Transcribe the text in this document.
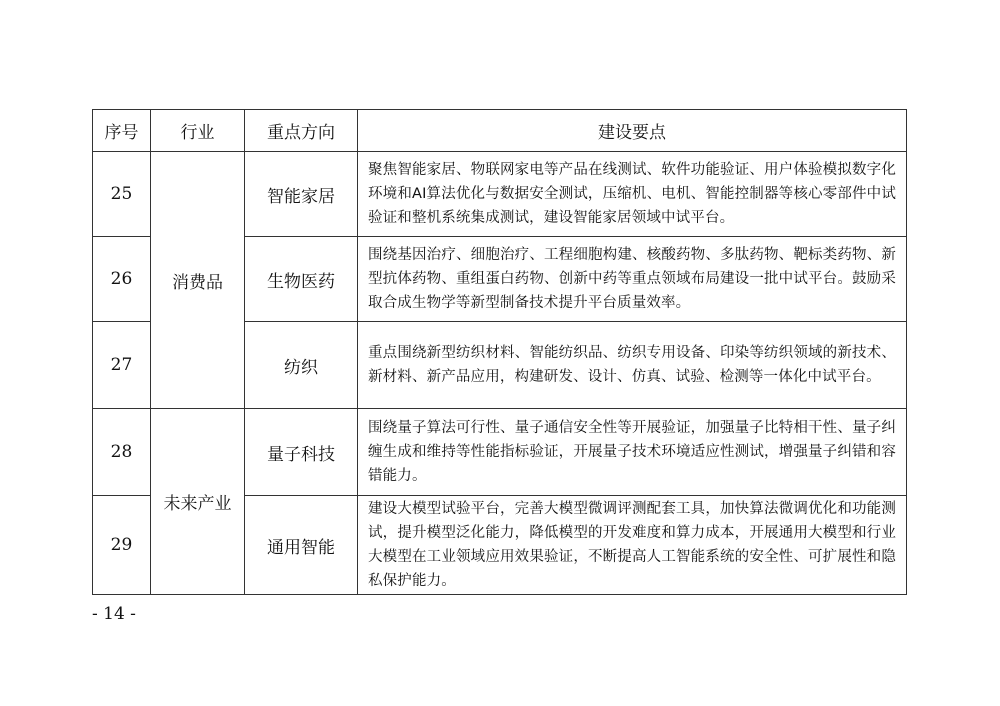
序号	行业	重点方向	建设要点
25	消费品	智能家居	聚焦智能家居、物联网家电等产品在线测试、软件功能验证、用户体验模拟数字化环境和AI算法优化与数据安全测试，压缩机、电机、智能控制器等核心零部件中试验证和整机系统集成测试，建设智能家居领域中试平台。

26		生物医药	围绕基因治疗、细胞治疗、工程细胞构建、核酸药物、多肽药物、靶标类药物、新型抗体药物、重组蛋白药物、创新中药等重点领域布局建设一批中试平台。鼓励采取合成生物学等新型制备技术提升平台质量效率。

27		纺织	重点围绕新型纺织材料、智能纺织品、纺织专用设备、印染等纺织领域的新技术、新材料、新产品应用，构建研发、设计、仿真、试验、检测等一体化中试平台。

28	未来产业	量子科技	围绕量子算法可行性、量子通信安全性等开展验证，加强量子比特相干性、量子纠缠生成和维持等性能指标验证，开展量子技术环境适应性测试，增强量子纠错和容错能力。

29		通用智能	建设大模型试验平台，完善大模型微调评测配套工具，加快算法微调优化和功能测试，提升模型泛化能力，降低模型的开发难度和算力成本，开展通用大模型和行业大模型在工业领域应用效果验证，不断提高人工智能系统的安全性、可扩展性和隐私保护能力。

- 14 -
